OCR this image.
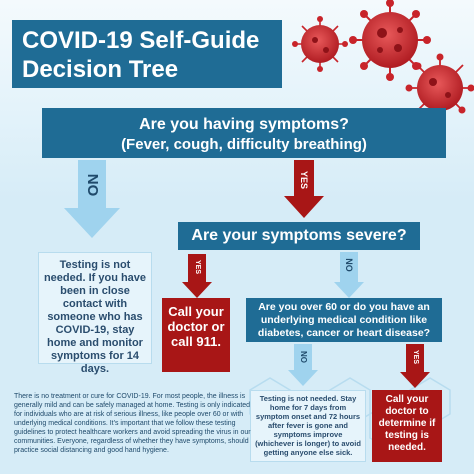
COVID-19 Self-Guide
Decision Tree
Are you having symptoms?
(Fever, cough, difficulty breathing)
NO	YES
Are your symptoms severe?
Testing is not needed. If you have been in close contact with someone who has COVID-19, stay home and monitor symptoms for 14 days.
YES	NO
Call your doctor or call 911.
Are you over 60 or do you have an underlying medical condition like diabetes, cancer or heart disease?
NO	YES
Testing is not needed. Stay home for 7 days from symptom onset and 72 hours after fever is gone and symptoms improve (whichever is longer) to avoid getting anyone else sick.
Call your doctor to determine if testing is needed.
There is no treatment or cure for COVID-19. For most people, the illness is generally mild and can be safely managed at home. Testing is only indicated for individuals who are at risk of serious illness, like people over 60 or with underlying medical conditions. It's important that we follow these testing guidelines to protect healthcare workers and avoid spreading the virus in our communities. Everyone, regardless of whether they have symptoms, should practice social distancing and good hand hygiene.
